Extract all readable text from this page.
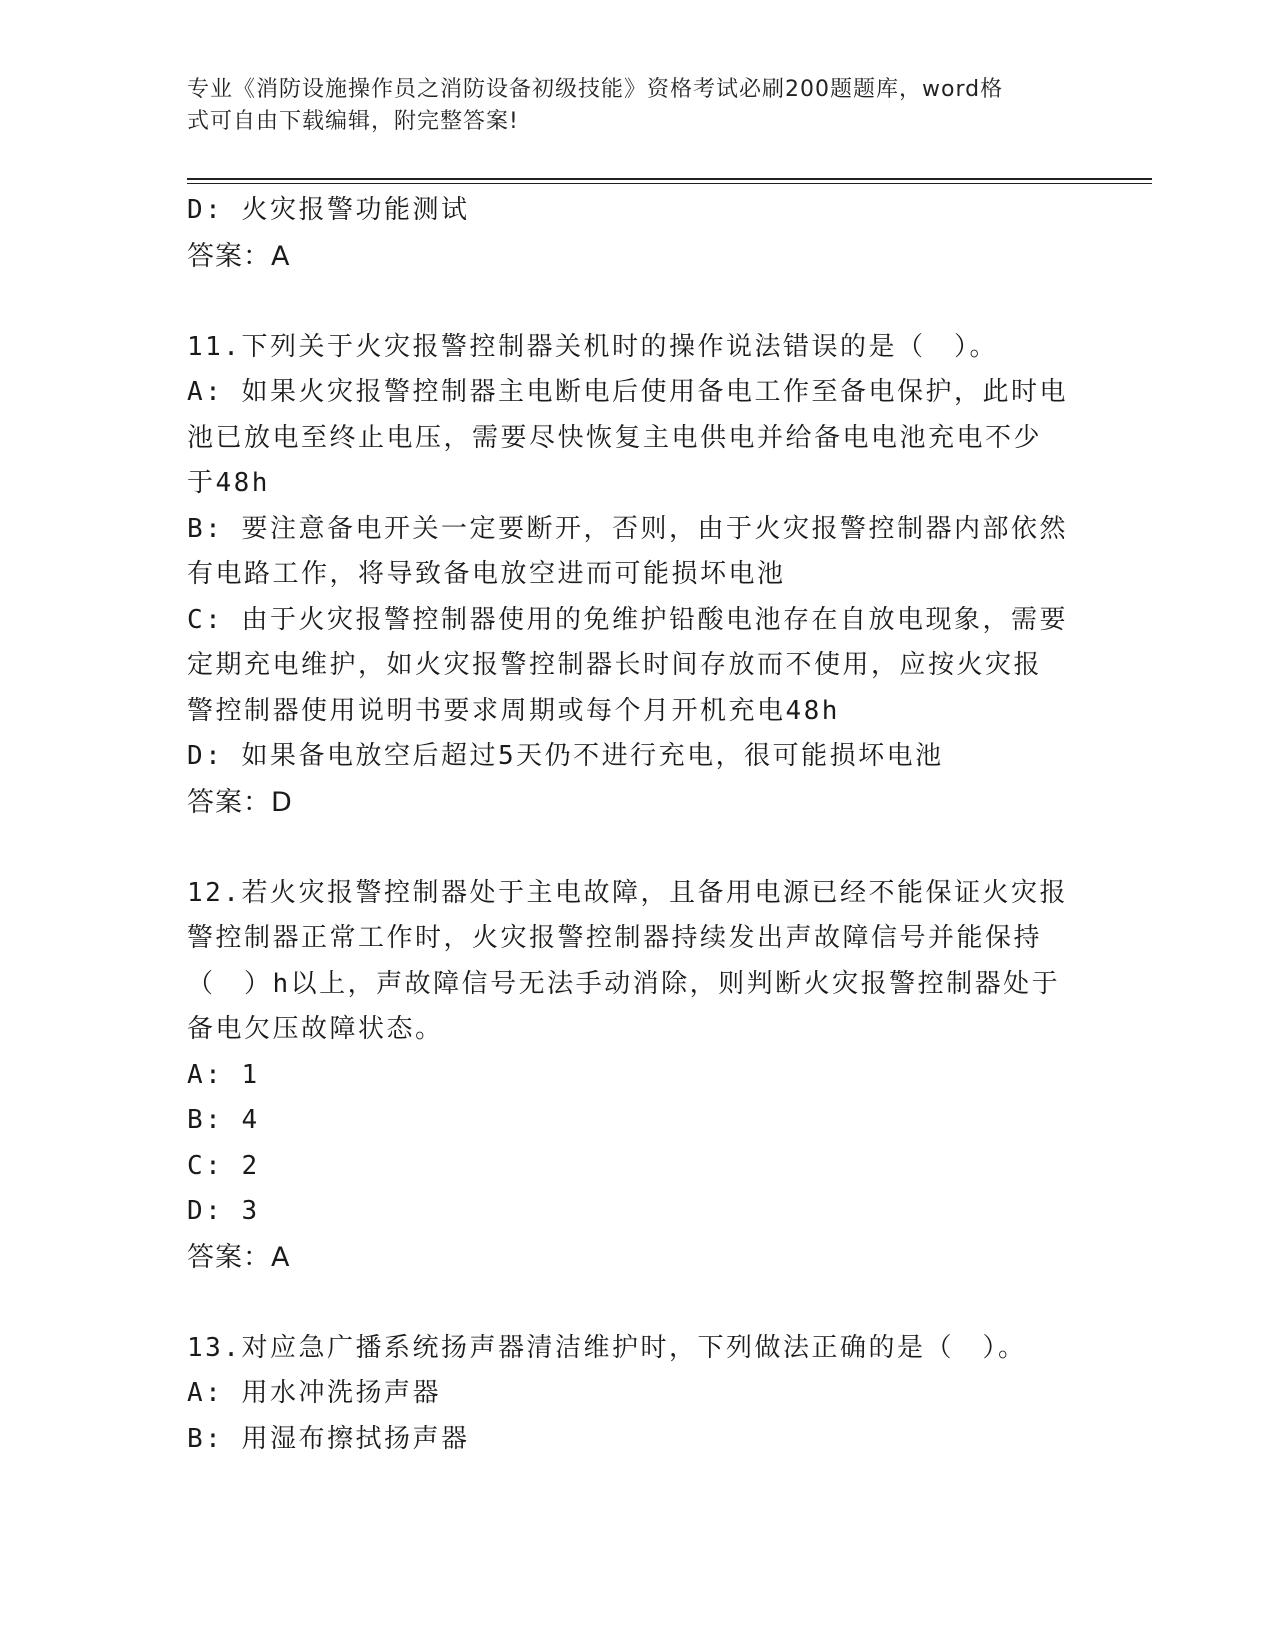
专业《消防设施操作员之消防设备初级技能》资格考试必刷200题题库，word格
式可自由下载编辑，附完整答案!
D: 火灾报警功能测试
答案：A
11.下列关于火灾报警控制器关机时的操作说法错误的是（　）。
A: 如果火灾报警控制器主电断电后使用备电工作至备电保护，此时电
池已放电至终止电压，需要尽快恢复主电供电并给备电电池充电不少
于48h
B: 要注意备电开关一定要断开，否则，由于火灾报警控制器内部依然
有电路工作，将导致备电放空进而可能损坏电池
C: 由于火灾报警控制器使用的免维护铅酸电池存在自放电现象，需要
定期充电维护，如火灾报警控制器长时间存放而不使用，应按火灾报
警控制器使用说明书要求周期或每个月开机充电48h
D: 如果备电放空后超过5天仍不进行充电，很可能损坏电池
答案：D
12.若火灾报警控制器处于主电故障，且备用电源已经不能保证火灾报
警控制器正常工作时，火灾报警控制器持续发出声故障信号并能保持
（　）h以上，声故障信号无法手动消除，则判断火灾报警控制器处于
备电欠压故障状态。
A: 1
B: 4
C: 2
D: 3
答案：A
13.对应急广播系统扬声器清洁维护时，下列做法正确的是（　）。
A: 用水冲洗扬声器
B: 用湿布擦拭扬声器
